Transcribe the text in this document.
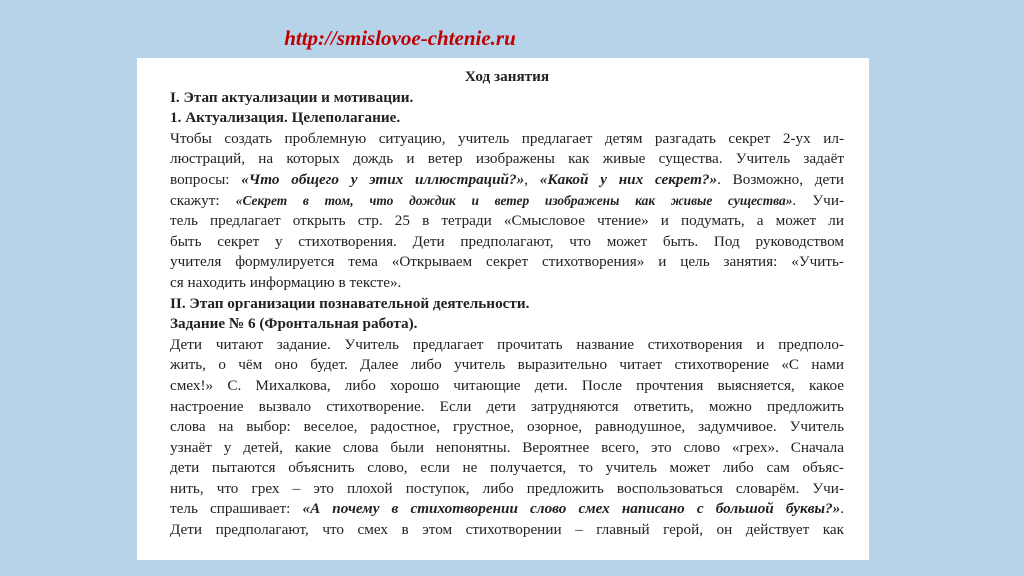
http://smislovoe-chtenie.ru
Ход занятия
I. Этап актуализации и мотивации.
1. Актуализация. Целеполагание.
Чтобы создать проблемную ситуацию, учитель предлагает детям разгадать секрет 2-ух ил-
люстраций, на которых дождь и ветер изображены как живые существа. Учитель задаёт
вопросы: «Что общего у этих иллюстраций?», «Какой у них секрет?». Возможно, дети
скажут: «Секрет в том, что дождик и ветер изображены как живые существа». Учи-
тель предлагает открыть стр. 25 в тетради «Смысловое чтение» и подумать, а может ли
быть секрет у стихотворения. Дети предполагают, что может быть. Под руководством
учителя формулируется тема «Открываем секрет стихотворения» и цель занятия: «Учить-
ся находить информацию в тексте».
II. Этап организации познавательной деятельности.
Задание № 6 (Фронтальная работа).
Дети читают задание. Учитель предлагает прочитать название стихотворения и предполо-
жить, о чём оно будет. Далее либо учитель выразительно читает стихотворение «С нами
смех!» С. Михалкова, либо хорошо читающие дети. После прочтения выясняется, какое
настроение вызвало стихотворение. Если дети затрудняются ответить, можно предложить
слова на выбор: веселое, радостное, грустное, озорное, равнодушное, задумчивое. Учитель
узнаёт у детей, какие слова были непонятны. Вероятнее всего, это слово «грех». Сначала
дети пытаются объяснить слово, если не получается, то учитель может либо сам объяс-
нить, что грех – это плохой поступок, либо предложить воспользоваться словарём. Учи-
тель спрашивает: «А почему в стихотворении слово смех написано с большой буквы?».
Дети предполагают, что смех в этом стихотворении – главный герой, он действует как
